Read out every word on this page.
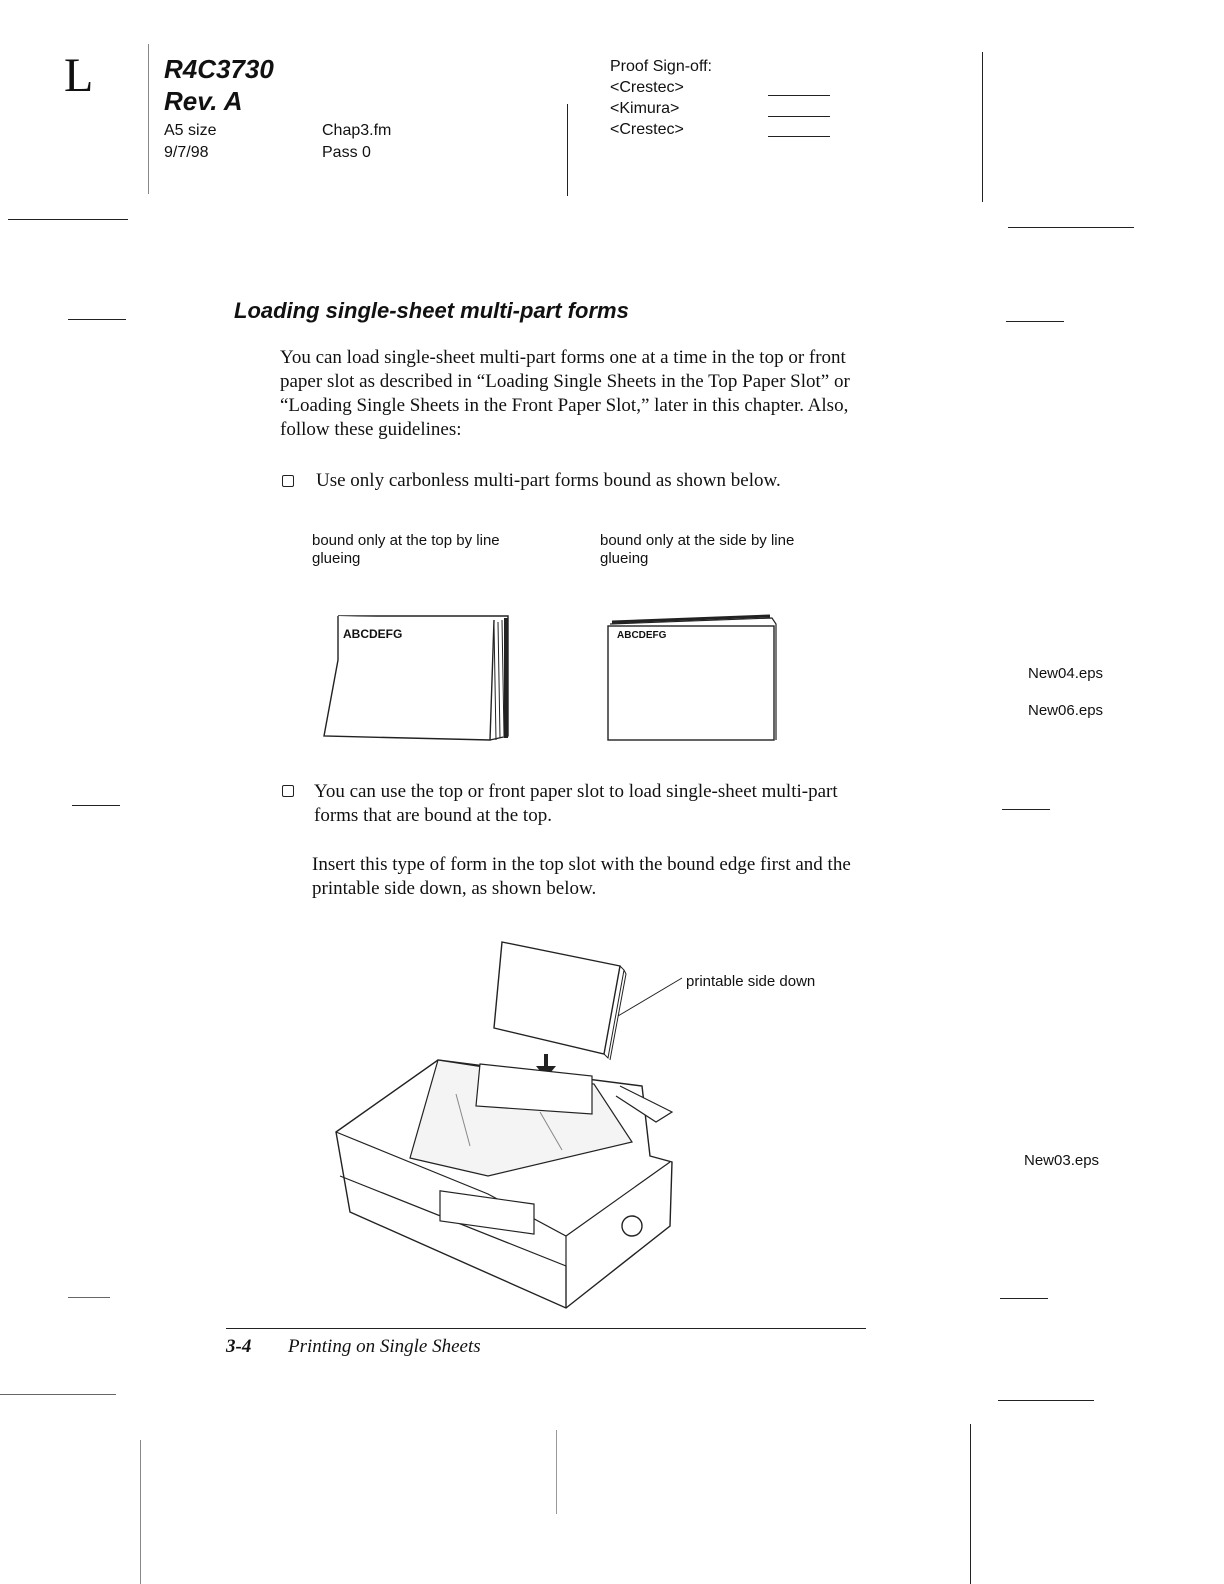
L	R4C3730
Rev. A
A5 size
9/7/98
Chap3.fm
Pass 0
Proof Sign-off:
<Crestec>
<Kimura>
<Crestec>
Loading single-sheet multi-part forms
You can load single-sheet multi-part forms one at a time in the top or front paper slot as described in “Loading Single Sheets in the Top Paper Slot” or “Loading Single Sheets in the Front Paper Slot,” later in this chapter. Also, follow these guidelines:
Use only carbonless multi-part forms bound as shown below.
bound only at the top by line glueing
bound only at the side by line glueing
ABCDEFG	ABCDEFG
New04.eps
New06.eps
You can use the top or front paper slot to load single-sheet multi-part forms that are bound at the top.
Insert this type of form in the top slot with the bound edge first and the printable side down, as shown below.
printable side down
New03.eps
3-4 Printing on Single Sheets
